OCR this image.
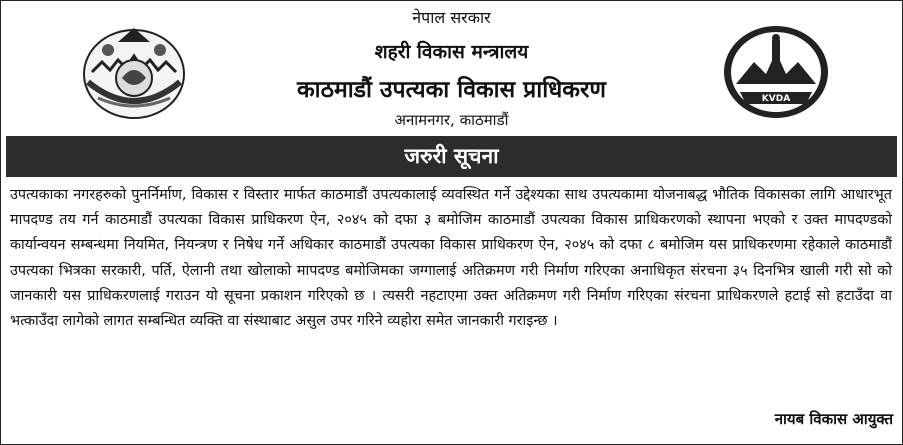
नेपाल सरकार
शहरी विकास मन्त्रालय
काठमाडौं उपत्यका विकास प्राधिकरण
अनामनगर, काठमाडौं
KVDA
जरुरी सूचना
उपत्यकाका नगरहरुको पुनर्निर्माण, विकास र विस्तार मार्फत काठमाडौं उपत्यकालाई व्यवस्थित गर्ने उद्देश्यका साथ उपत्यकामा योजनाबद्ध भौतिक विकासका लागि आधारभूत मापदण्ड तय गर्न काठमाडौं उपत्यका विकास प्राधिकरण ऐन, २०४५ को दफा ३ बमोजिम काठमाडौं उपत्यका विकास प्राधिकरणको स्थापना भएको र उक्त मापदण्डको कार्यान्वयन सम्बन्धमा नियमित, नियन्त्रण र निषेध गर्ने अधिकार काठमाडौं उपत्यका विकास प्राधिकरण ऐन, २०४५ को दफा ८ बमोजिम यस प्राधिकरणमा रहेकाले काठमाडौं उपत्यका भित्रका सरकारी, पर्ति, ऐलानी तथा खोलाको मापदण्ड बमोजिमका जग्गालाई अतिक्रमण गरी निर्माण गरिएका अनाधिकृत संरचना ३५ दिनभित्र खाली गरी सो को जानकारी यस प्राधिकरणलाई गराउन यो सूचना प्रकाशन गरिएको छ । त्यसरी नहटाएमा उक्त अतिक्रमण गरी निर्माण गरिएका संरचना प्राधिकरणले हटाई सो हटाउँदा वा भत्काउँदा लागेको लागत सम्बन्धित व्यक्ति वा संस्थाबाट असुल उपर गरिने व्यहोरा समेत जानकारी गराइन्छ ।
नायब विकास आयुक्त
